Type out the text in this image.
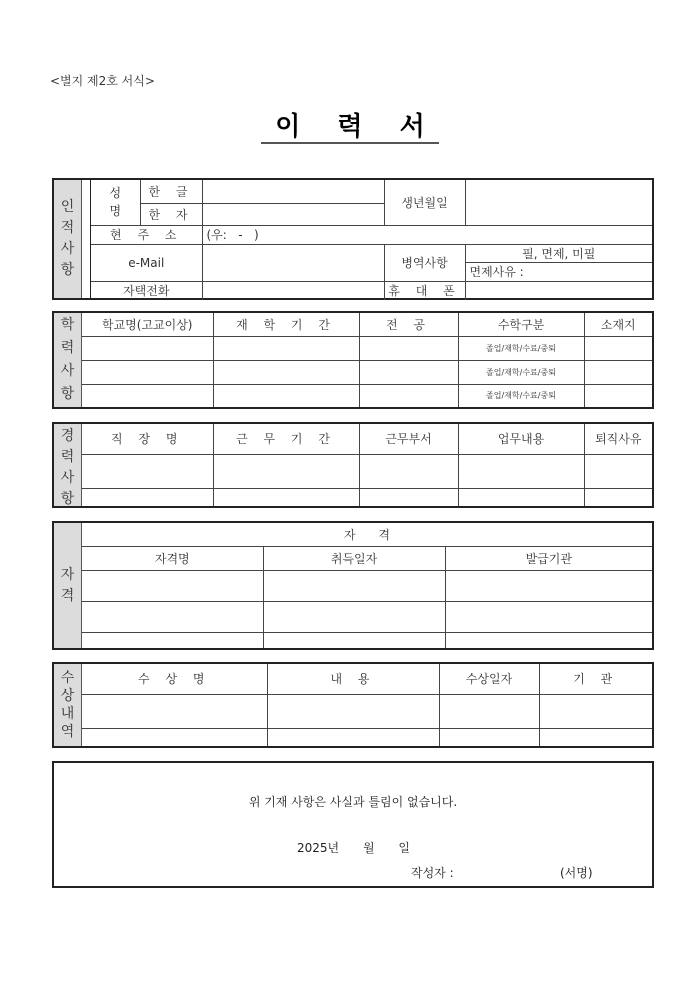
<별지 제2호 서식>
이 력 서
인
적
사
항
성
명	한 글		생년월일	
	한 자			
현 주 소		(우:   -   )		
e-Mail			병역사항	필, 면제, 미필
				면제사유 :
자택전화			휴 대 폰	
학
력
사
항
학교명(고교이상)	재 학 기 간	전 공	수학구분	소재지
			졸업/재학/수료/중퇴	
			졸업/재학/수료/중퇴	
			졸업/재학/수료/중퇴	
경
력
사
항
직 장 명	근 무 기 간	근무부서	업무내용	퇴직사유

자
격
자      격		
자격명	취득일자	발급기관

수
상
내
역
수 상 명	내 용	수상일자	기 관

위 기재 사항은 사실과 틀림이 없습니다.
2025년 월 일
작성자 :	(서명)
